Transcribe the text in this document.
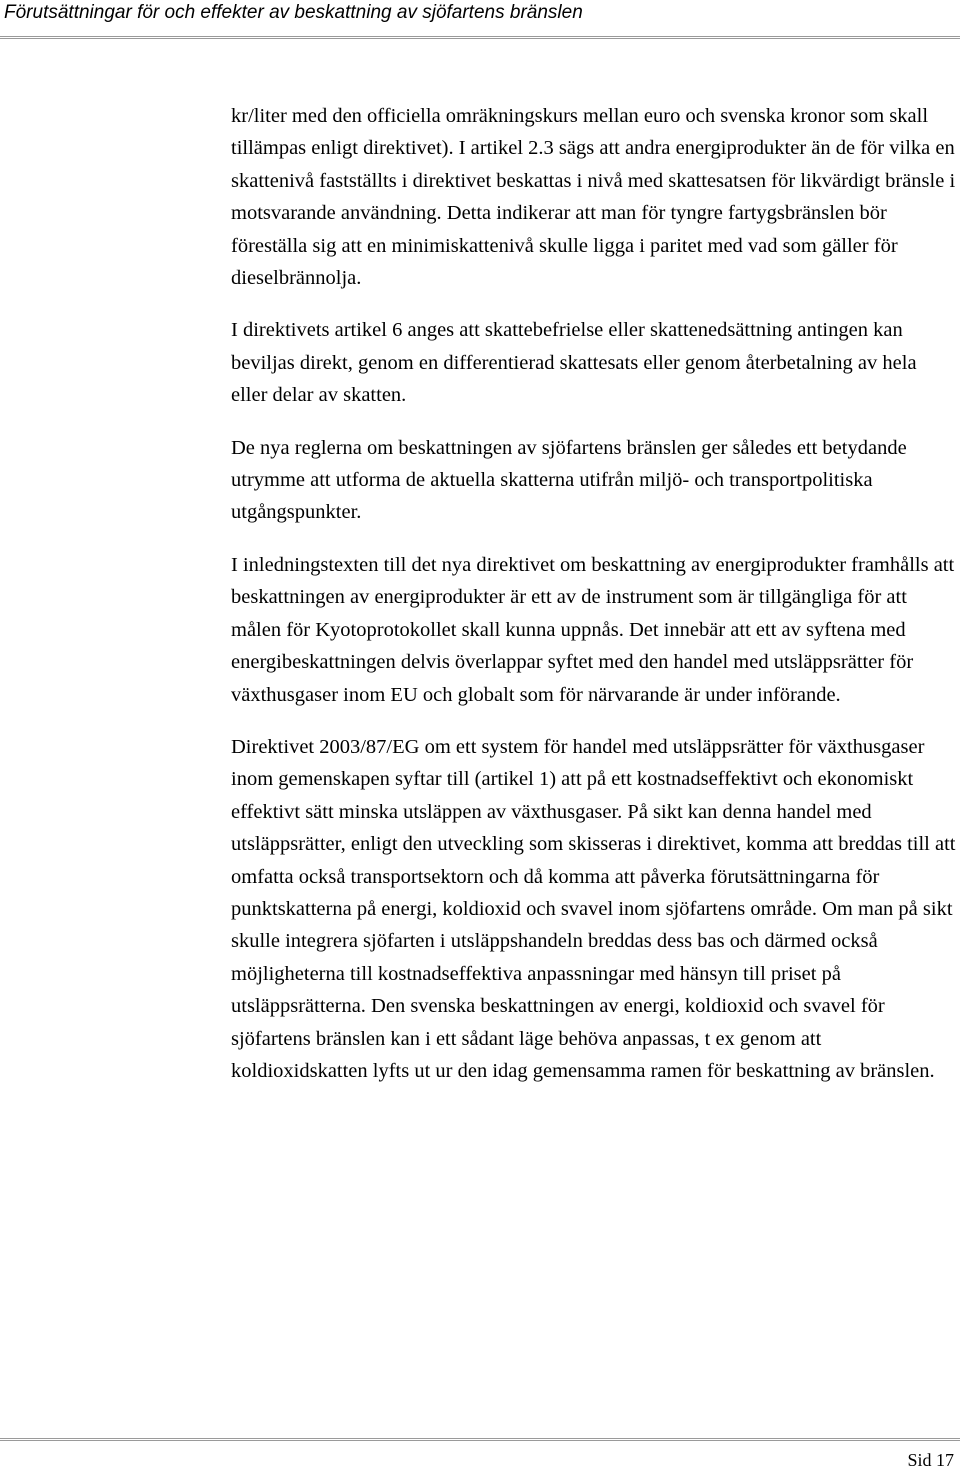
Förutsättningar för och effekter av beskattning av sjöfartens bränslen

kr/liter med den officiella omräkningskurs mellan euro och svenska kronor som skall tillämpas enligt direktivet). I artikel 2.3 sägs att andra energiprodukter än de för vilka en skattenivå fastställts i direktivet beskattas i nivå med skattesatsen för likvärdigt bränsle i motsvarande användning. Detta indikerar att man för tyngre fartygsbränslen bör föreställa sig att en minimiskattenivå skulle ligga i paritet med vad som gäller för dieselbrännolja.

I direktivets artikel 6 anges att skattebefrielse eller skattenedsättning antingen kan beviljas direkt, genom en differentierad skattesats eller genom återbetalning av hela eller delar av skatten.

De nya reglerna om beskattningen av sjöfartens bränslen ger således ett betydande utrymme att utforma de aktuella skatterna utifrån miljö- och transportpolitiska utgångspunkter.

I inledningstexten till det nya direktivet om beskattning av energiprodukter framhålls att beskattningen av energiprodukter är ett av de instrument som är tillgängliga för att målen för Kyotoprotokollet skall kunna uppnås. Det innebär att ett av syftena med energibeskattningen delvis överlappar syftet med den handel med utsläppsrätter för växthusgaser inom EU och globalt som för närvarande är under införande.

Direktivet 2003/87/EG om ett system för handel med utsläppsrätter för växthusgaser inom gemenskapen syftar till (artikel 1) att på ett kostnadseffektivt och ekonomiskt effektivt sätt minska utsläppen av växthusgaser. På sikt kan denna handel med utsläppsrätter, enligt den utveckling som skisseras i direktivet, komma att breddas till att omfatta också transportsektorn och då komma att påverka förutsättningarna för punktskatterna på energi, koldioxid och svavel inom sjöfartens område. Om man på sikt skulle integrera sjöfarten i utsläppshandeln breddas dess bas och därmed också möjligheterna till kostnadseffektiva anpassningar med hänsyn till priset på utsläppsrätterna. Den svenska beskattningen av energi, koldioxid och svavel för sjöfartens bränslen kan i ett sådant läge behöva anpassas, t ex genom att koldioxidskatten lyfts ut ur den idag gemensamma ramen för beskattning av bränslen.

Sid 17
